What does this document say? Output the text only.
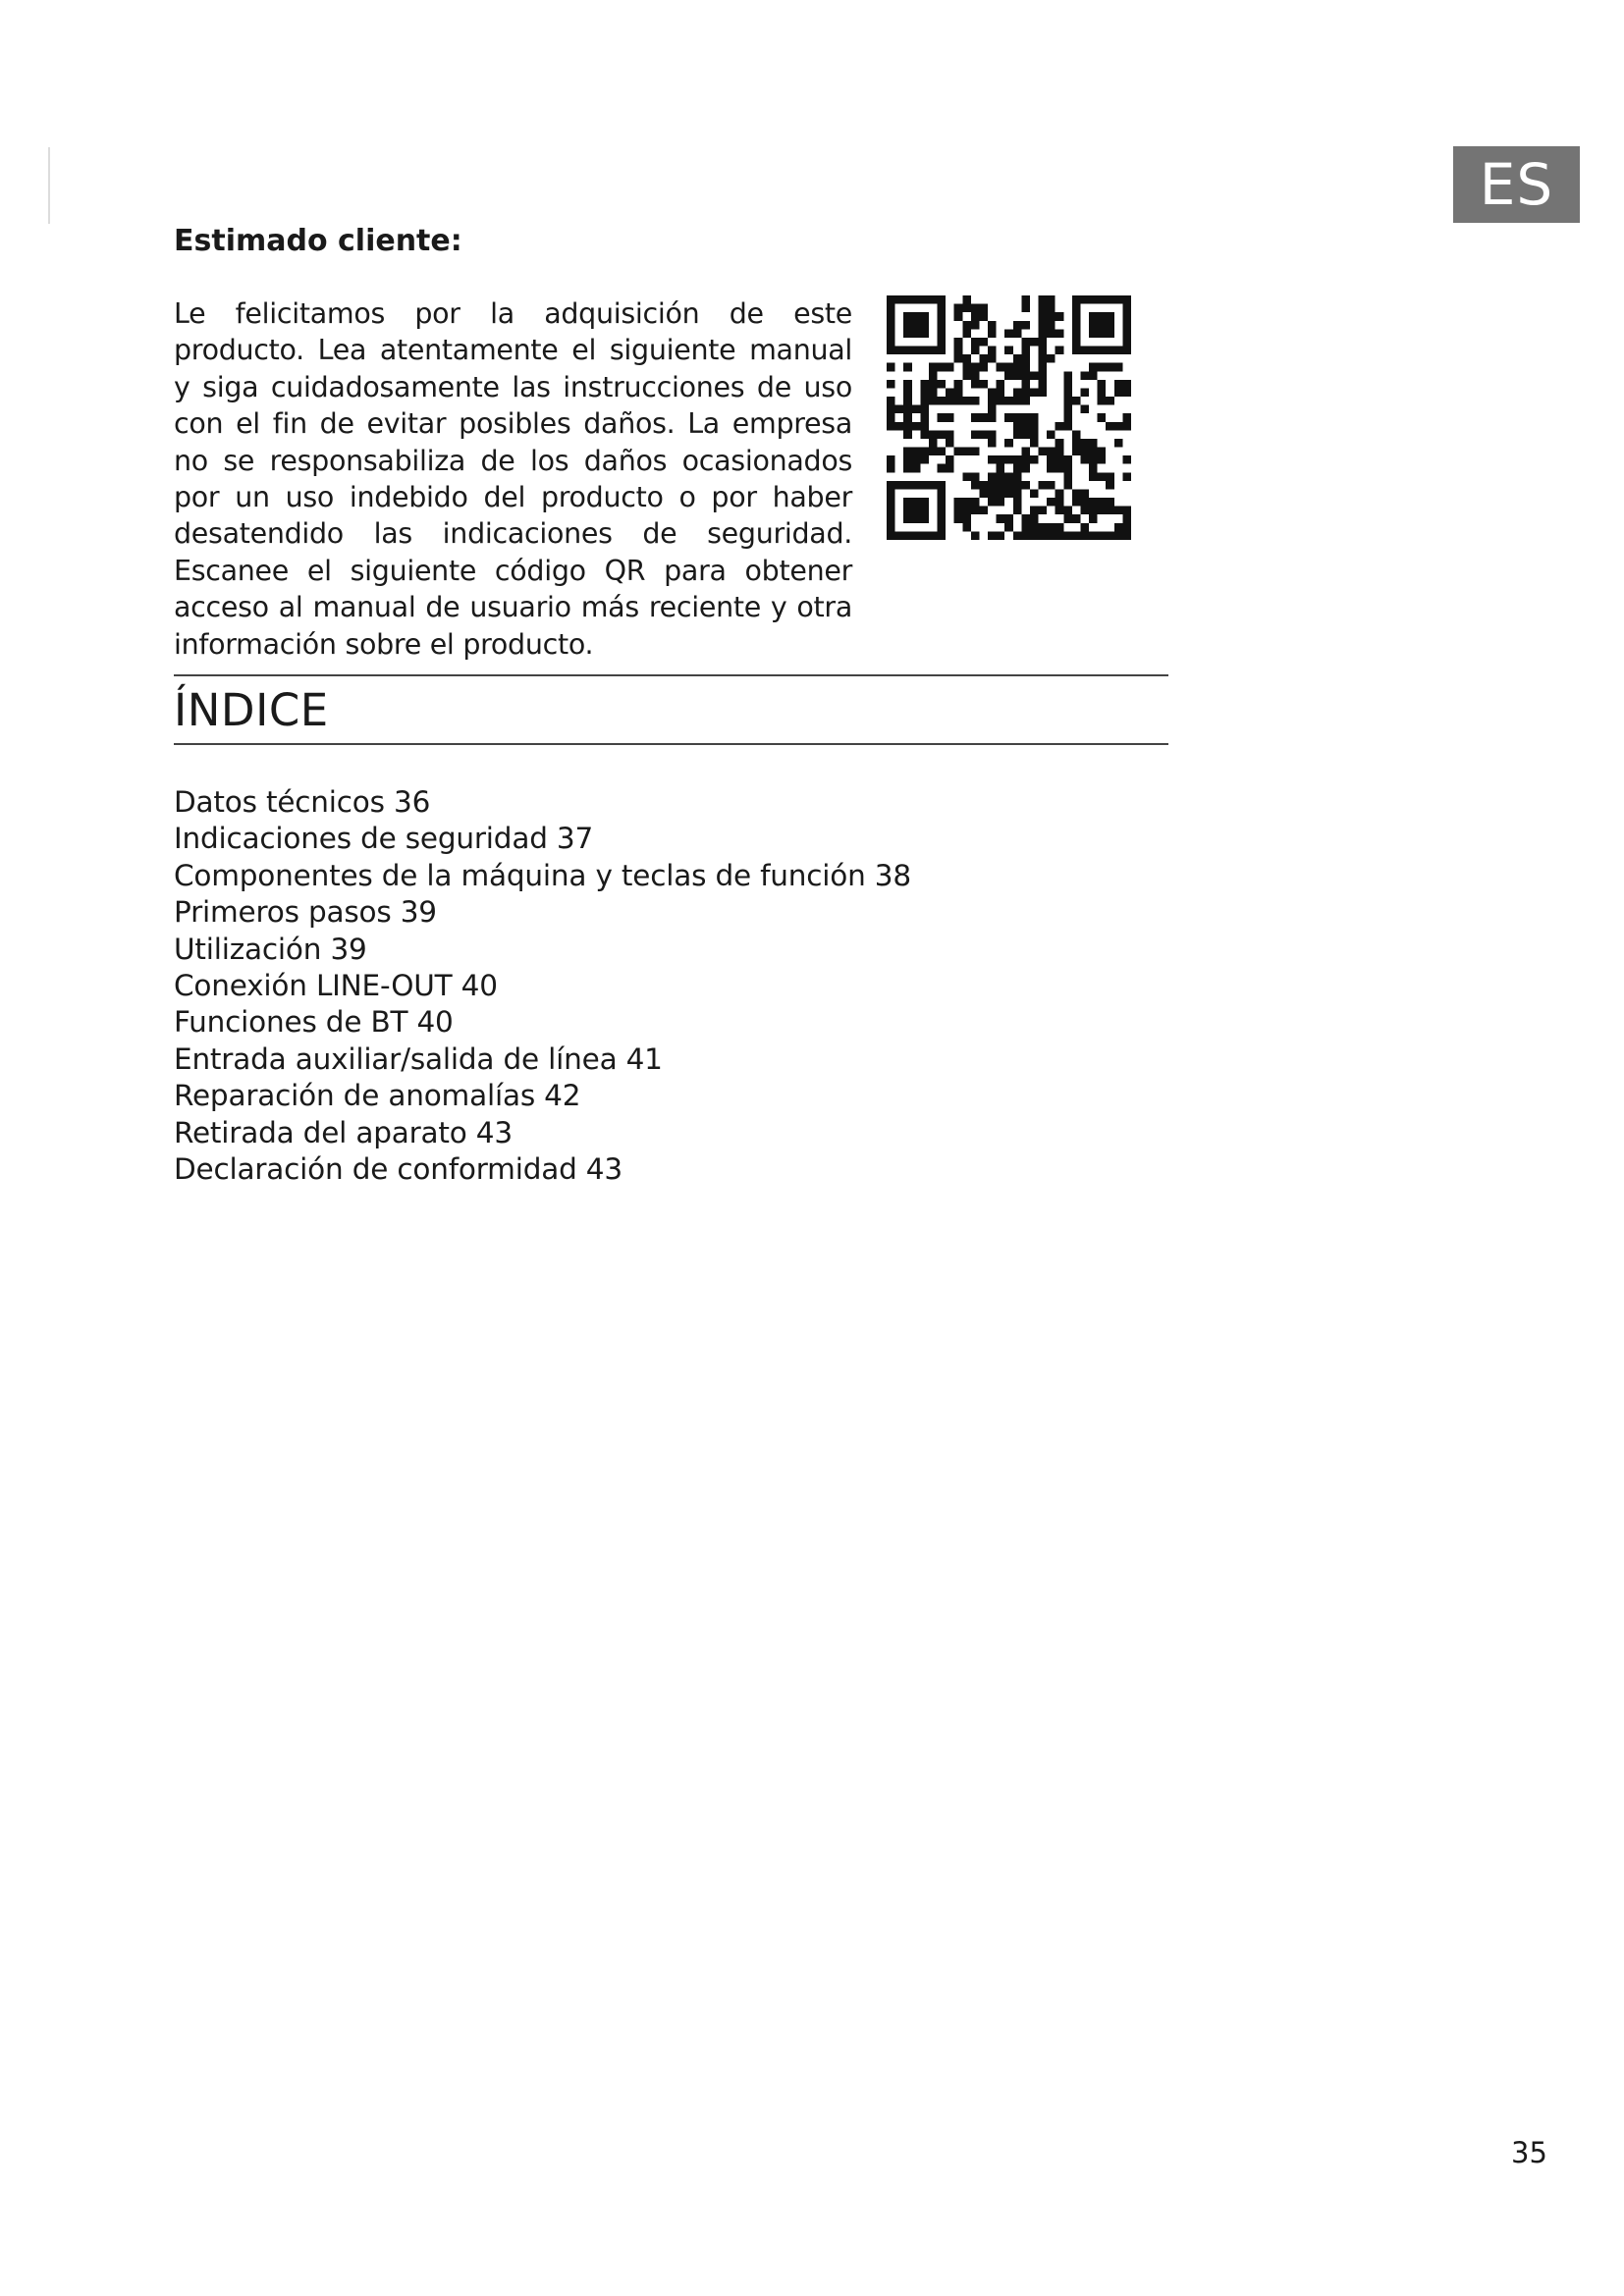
ES
Estimado cliente:

Le felicitamos por la adquisición de este producto. Lea atentamente el siguiente manual y siga cuidadosamente las instrucciones de uso con el fin de evitar posibles daños. La empresa no se responsabiliza de los daños ocasionados por un uso indebido del producto o por haber desatendido las indicaciones de seguridad. Escanee el siguiente código QR para obtener acceso al manual de usuario más reciente y otra información sobre el producto.

ÍNDICE
Datos técnicos 36
Indicaciones de seguridad 37
Componentes de la máquina y teclas de función 38
Primeros pasos 39
Utilización 39
Conexión LINE-OUT 40
Funciones de BT 40
Entrada auxiliar/salida de línea 41
Reparación de anomalías 42
Retirada del aparato 43
Declaración de conformidad 43
35
